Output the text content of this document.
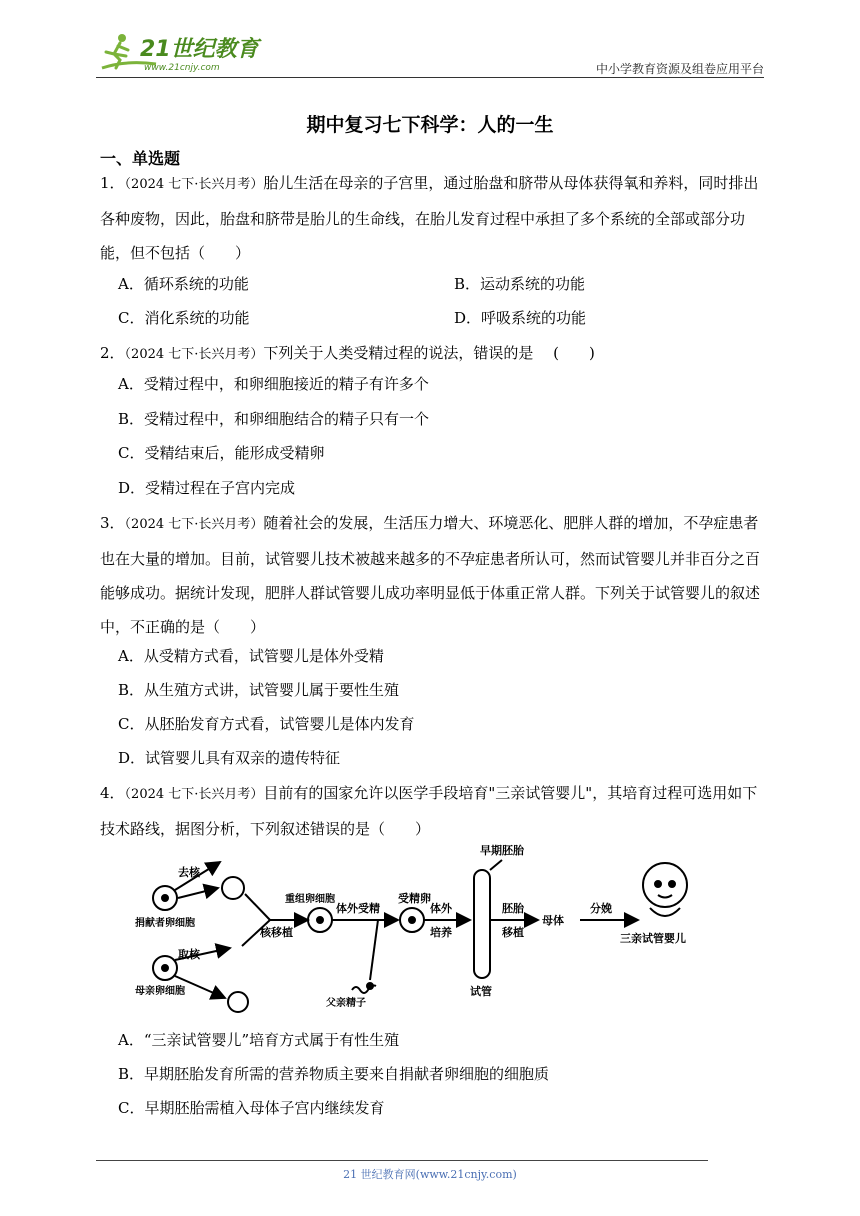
21世纪教育
www.21cnjy.com	中小学教育资源及组卷应用平台
期中复习七下科学：人的一生
一、单选题
1．（2024 七下·长兴月考）胎儿生活在母亲的子宫里，通过胎盘和脐带从母体获得氧和养料，同时排出各种废物，因此，胎盘和脐带是胎儿的生命线，在胎儿发育过程中承担了多个系统的全部或部分功能，但不包括（　　）
A．循环系统的功能	B．运动系统的功能
C．消化系统的功能	D．呼吸系统的功能
2．（2024 七下·长兴月考）下列关于人类受精过程的说法，错误的是　 (　　)
A．受精过程中，和卵细胞接近的精子有许多个
B．受精过程中，和卵细胞结合的精子只有一个
C．受精结束后，能形成受精卵
D．受精过程在子宫内完成
3．（2024 七下·长兴月考）随着社会的发展，生活压力增大、环境恶化、肥胖人群的增加，不孕症患者也在大量的增加。目前，试管婴儿技术被越来越多的不孕症患者所认可，然而试管婴儿并非百分之百能够成功。据统计发现，肥胖人群试管婴儿成功率明显低于体重正常人群。下列关于试管婴儿的叙述中，不正确的是（　　）
A．从受精方式看，试管婴儿是体外受精
B．从生殖方式讲，试管婴儿属于要性生殖
C．从胚胎发育方式看，试管婴儿是体内发育
D．试管婴儿具有双亲的遗传特征
4．（2024 七下·长兴月考）目前有的国家允许以医学手段培育"三亲试管婴儿"，其培育过程可选用如下技术路线，据图分析，下列叙述错误的是（　　）
去核
捐献者卵细胞
取核
母亲卵细胞
核移植
重组卵细胞
体外受精
父亲精子
受精卵
体外
培养
早期胚胎
胚胎
移植
试管
母体
分娩
三亲试管婴儿
A．“三亲试管婴儿”培育方式属于有性生殖
B．早期胚胎发育所需的营养物质主要来自捐献者卵细胞的细胞质
C．早期胚胎需植入母体子宫内继续发育
21 世纪教育网(www.21cnjy.com)
